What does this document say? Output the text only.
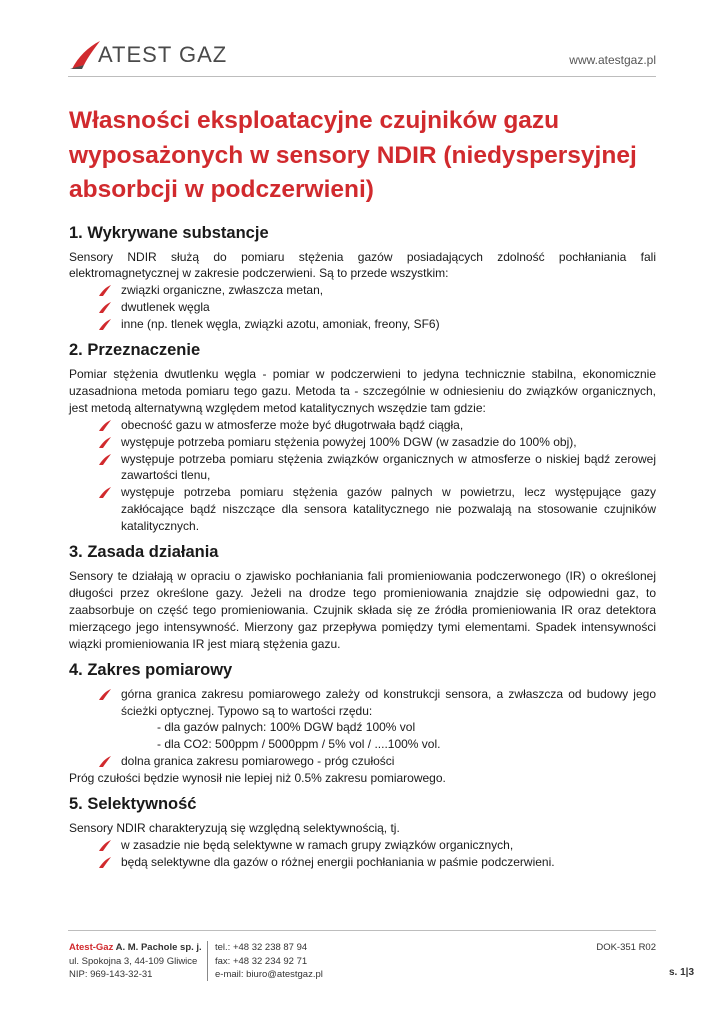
ATEST GAZ	www.atestgaz.pl
Własności eksploatacyjne czujników gazu wyposażonych w sensory NDIR (niedyspersyjnej absorbcji w podczerwieni)
1. Wykrywane substancje

Sensory NDIR służą do pomiaru stężenia gazów posiadających zdolność pochłaniania fali elektromagnetycznej w zakresie podczerwieni. Są to przede wszystkim:

związki organiczne, zwłaszcza metan,
dwutlenek węgla
inne (np. tlenek węgla, związki azotu, amoniak, freony, SF6)
2. Przeznaczenie

Pomiar stężenia dwutlenku węgla - pomiar w podczerwieni to jedyna technicznie stabilna, ekonomicznie uzasadniona metoda pomiaru tego gazu. Metoda ta - szczególnie w odniesieniu do związków organicznych, jest metodą alternatywną względem metod katalitycznych wszędzie tam gdzie:

obecność gazu w atmosferze może być długotrwała bądź ciągła,
występuje potrzeba pomiaru stężenia powyżej 100% DGW (w zasadzie do 100% obj),
występuje potrzeba pomiaru stężenia związków organicznych w atmosferze o niskiej bądź zerowej zawartości tlenu,
występuje potrzeba pomiaru stężenia gazów palnych w powietrzu, lecz występujące gazy zakłócające bądź niszczące dla sensora katalitycznego nie pozwalają na stosowanie czujników katalitycznych.
3. Zasada działania

Sensory te działają w opraciu o zjawisko pochłaniania fali promieniowania podczerwonego (IR) o określonej długości przez określone gazy. Jeżeli na drodze tego promieniowania znajdzie się odpowiedni gaz, to zaabsorbuje on część tego promieniowania. Czujnik składa się ze źródła promieniowania IR oraz detektora mierzącego jego intensywność. Mierzony gaz przepływa pomiędzy tymi elementami. Spadek intensywności wiązki promieniowania IR jest miarą stężenia gazu.

4. Zakres pomiarowy
górna granica zakresu pomiarowego zależy od konstrukcji sensora, a zwłaszcza od budowy jego ścieżki optycznej. Typowo są to wartości rzędu:
- dla gazów palnych: 100% DGW bądź 100% vol
- dla CO2: 500ppm / 5000ppm / 5% vol / ....100% vol.
dolna granica zakresu pomiarowego - próg czułości

Próg czułości będzie wynosił nie lepiej niż 0.5% zakresu pomiarowego.

5. Selektywność

Sensory NDIR charakteryzują się względną selektywnością, tj.

w zasadzie nie będą selektywne w ramach grupy związków organicznych,
będą selektywne dla gazów o różnej energii pochłaniania w paśmie podczerwieni.
Atest-Gaz A. M. Pachole sp. j.
ul. Spokojna 3, 44-109 Gliwice
NIP: 969-143-32-31
tel.: +48 32 238 87 94
fax: +48 32 234 92 71
e-mail: biuro@atestgaz.pl
DOK-351 R02
s. 1|3
